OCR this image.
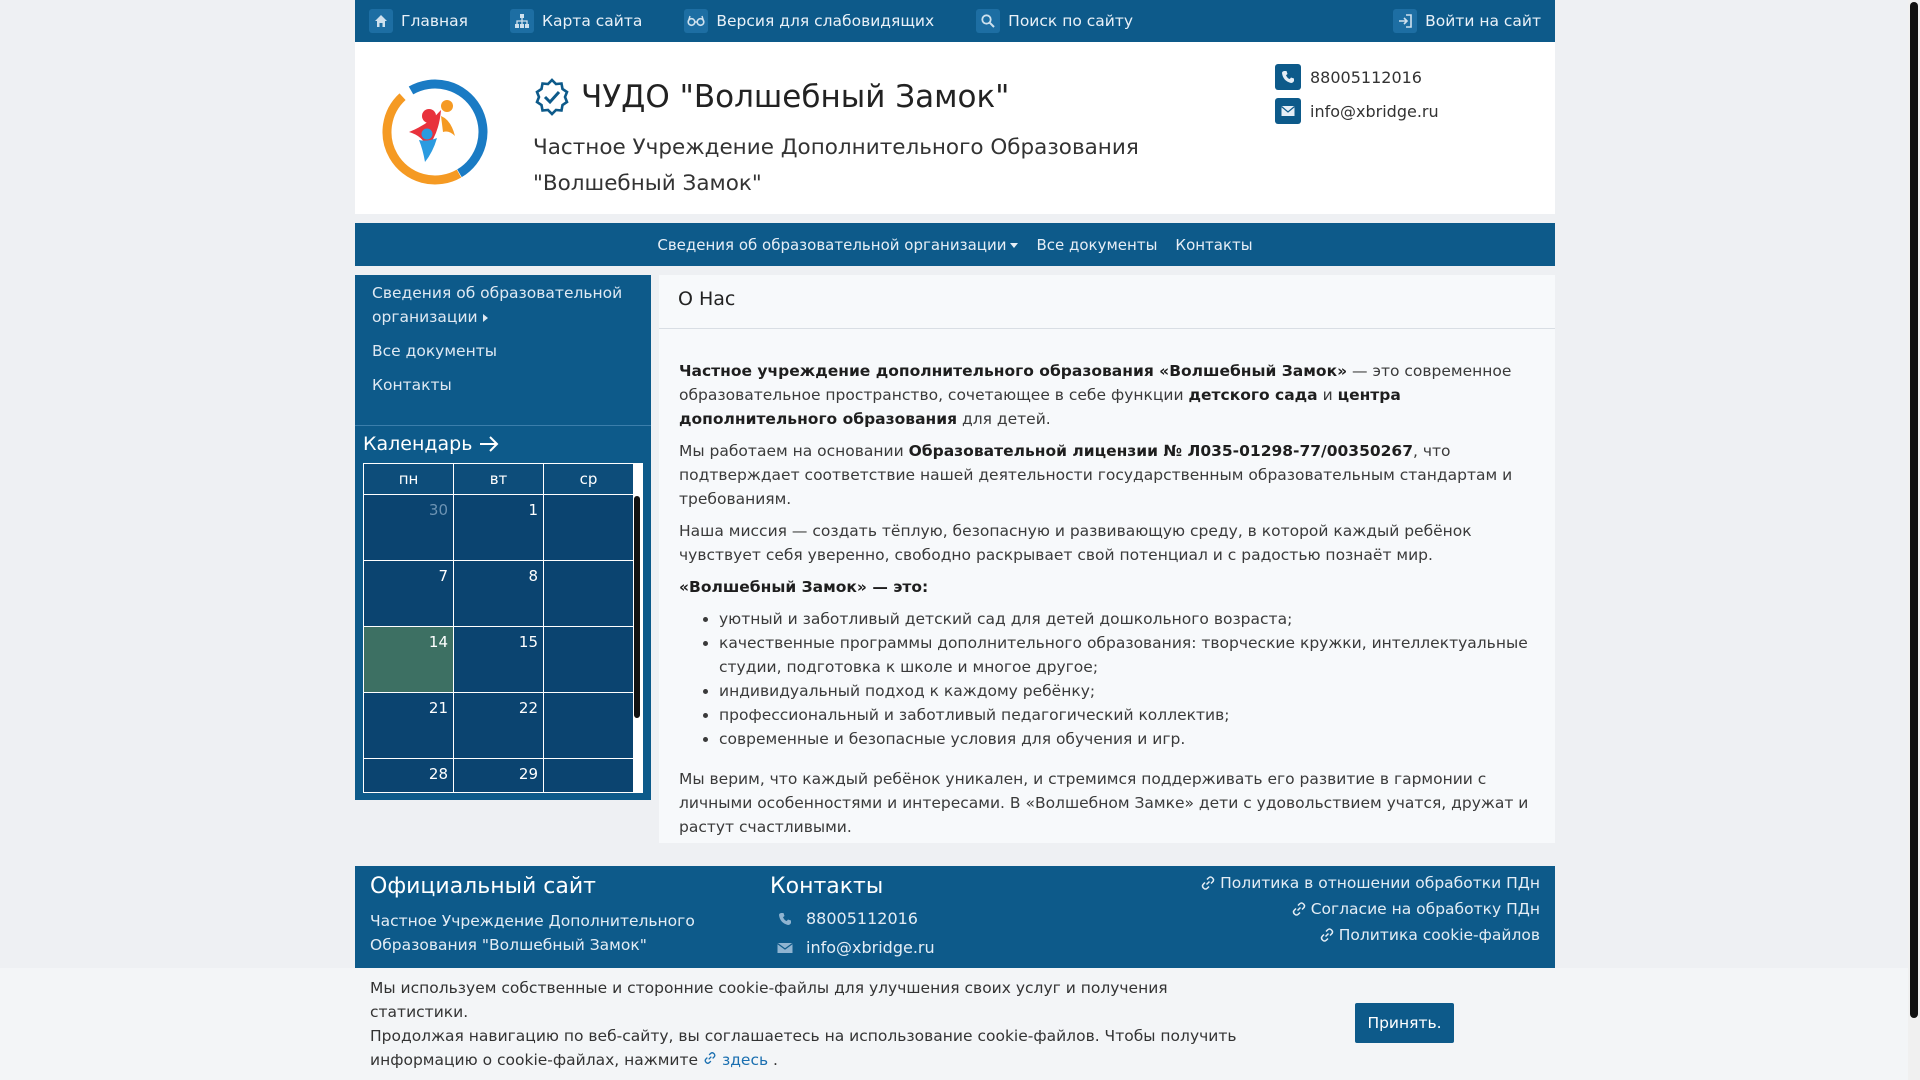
Главная	Карта сайта	Версия для слабовидящих	Поиск по сайту	Войти на сайт
ЧУДО "Волшебный Замок"
Частное Учреждение Дополнительного Образования "Волшебный Замок"
88005112016
info@xbridge.ru
Сведения об образовательной организации	Все документы Контакты
Сведения об образовательной организации
Все документы
Контакты
Календарь
пн	вт	ср
30	1
7	8
14	15
21	22
28	29
О Нас

Частное учреждение дополнительного образования «Волшебный Замок» — это современное образовательное пространство, сочетающее в себе функции детского сада и центра дополнительного образования для детей.

Мы работаем на основании Образовательной лицензии № Л035-01298-77/00350267, что подтверждает соответствие нашей деятельности государственным образовательным стандартам и требованиям.

Наша миссия — создать тёплую, безопасную и развивающую среду, в которой каждый ребёнок чувствует себя уверенно, свободно раскрывает свой потенциал и с радостью познаёт мир.

«Волшебный Замок» — это:

• уютный и заботливый детский сад для детей дошкольного возраста;
• качественные программы дополнительного образования: творческие кружки, интеллектуальные студии, подготовка к школе и многое другое;
• индивидуальный подход к каждому ребёнку;
• профессиональный и заботливый педагогический коллектив;
• современные и безопасные условия для обучения и игр.

Мы верим, что каждый ребёнок уникален, и стремимся поддерживать его развитие в гармонии с личными особенностями и интересами. В «Волшебном Замке» дети с удовольствием учатся, дружат и растут счастливыми.

Официальный сайт
Частное Учреждение Дополнительного Образования "Волшебный Замок"
Контакты
88005112016
info@xbridge.ru
Политика в отношении обработки ПДн
Согласие на обработку ПДн
Политика cookie-файлов
Мы используем собственные и сторонние cookie-файлы для улучшения своих услуг и получения статистики.
Продолжая навигацию по веб-сайту, вы соглашаетесь на использование cookie-файлов. Чтобы получить информацию о cookie-файлах, нажмите здесь .
Принять.
